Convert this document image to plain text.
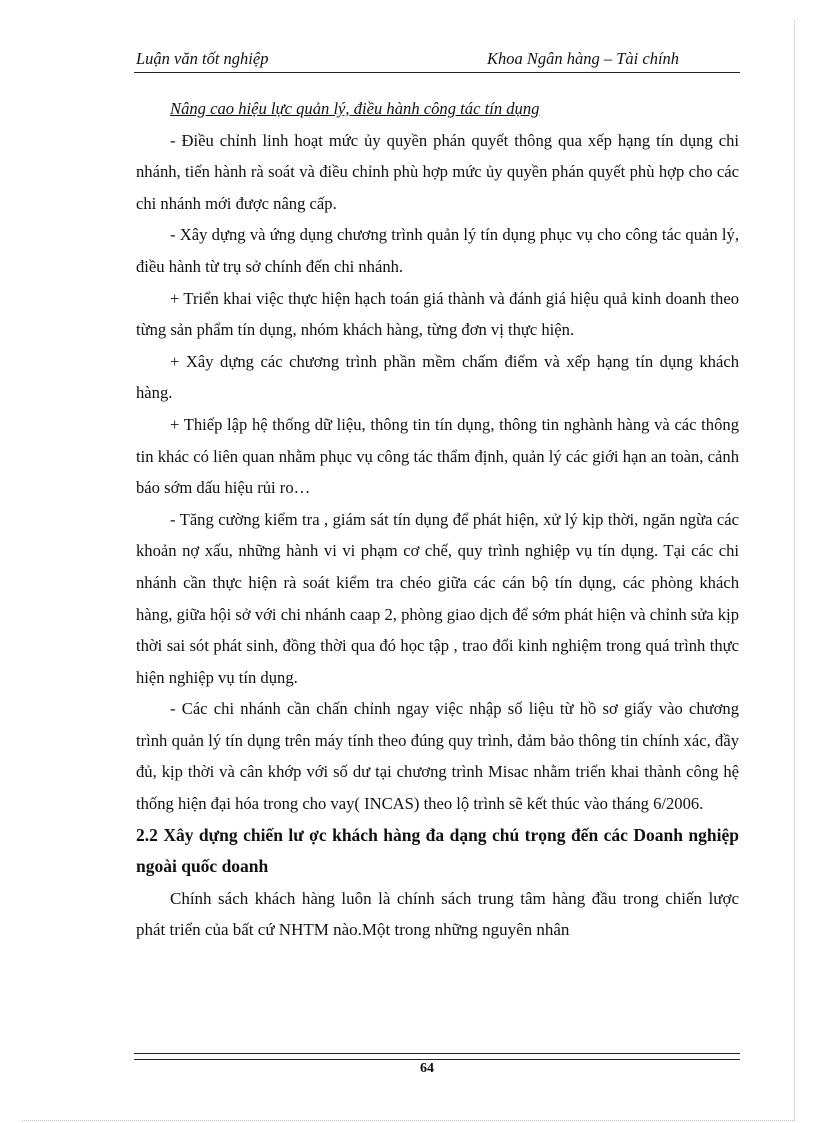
Luận văn tốt nghiệp	Khoa Ngân hàng – Tài chính

Nâng cao hiệu lực quản lý, điều hành công tác tín dụng

- Điều chỉnh linh hoạt mức ủy quyền phán quyết thông qua xếp hạng tín dụng chi nhánh, tiến hành rà soát và điều chỉnh phù hợp mức ủy quyền phán quyết phù hợp cho các chi nhánh mới được nâng cấp.

- Xây dựng và ứng dụng chương trình quản lý tín dụng phục vụ cho công tác quản lý, điều hành từ trụ sở chính đến chi nhánh.

+ Triển khai việc thực hiện hạch toán giá thành và đánh giá hiệu quả kinh doanh theo từng sản phẩm tín dụng, nhóm khách hàng, từng đơn vị thực hiện.

+ Xây dựng các chương trình phần mềm chấm điểm và xếp hạng tín dụng khách hàng.

+ Thiếp lập hệ thống dữ liệu, thông tin tín dụng, thông tin nghành hàng và các thông tin khác có liên quan nhằm phục vụ công tác thẩm định, quản lý các giới hạn an toàn, cảnh báo sớm dấu hiệu rủi ro…

- Tăng cường kiểm tra , giám sát tín dụng để phát hiện, xử lý kịp thời, ngăn ngừa các khoản nợ xấu, những hành vi vi phạm cơ chế, quy trình nghiệp vụ tín dụng. Tại các chi nhánh cần thực hiện rà soát kiểm tra chéo giữa các cán bộ tín dụng, các phòng khách hàng, giữa hội sở với chi nhánh caap 2, phòng giao dịch để sớm phát hiện và chỉnh sửa kịp thời sai sót phát sinh, đồng thời qua đó học tập , trao đổi kinh nghiệm trong quá trình thực hiện nghiệp vụ tín dụng.

- Các chi nhánh cần chấn chỉnh ngay việc nhập số liệu từ hồ sơ giấy vào chương trình quản lý tín dụng trên máy tính theo đúng quy trình, đảm bảo thông tin chính xác, đầy đủ, kịp thời và cân khớp với số dư tại chương trình Misac nhằm triển khai thành công hệ thống hiện đại hóa trong cho vay( INCAS) theo lộ trình sẽ kết thúc vào tháng 6/2006.

2.2 Xây dựng chiến lư ợc khách hàng đa dạng chú trọng đến các Doanh nghiệp ngoài quốc doanh

Chính sách khách hàng luôn là chính sách trung tâm hàng đầu trong chiến lược phát triển của bất cứ NHTM nào.Một trong những nguyên nhân

64
